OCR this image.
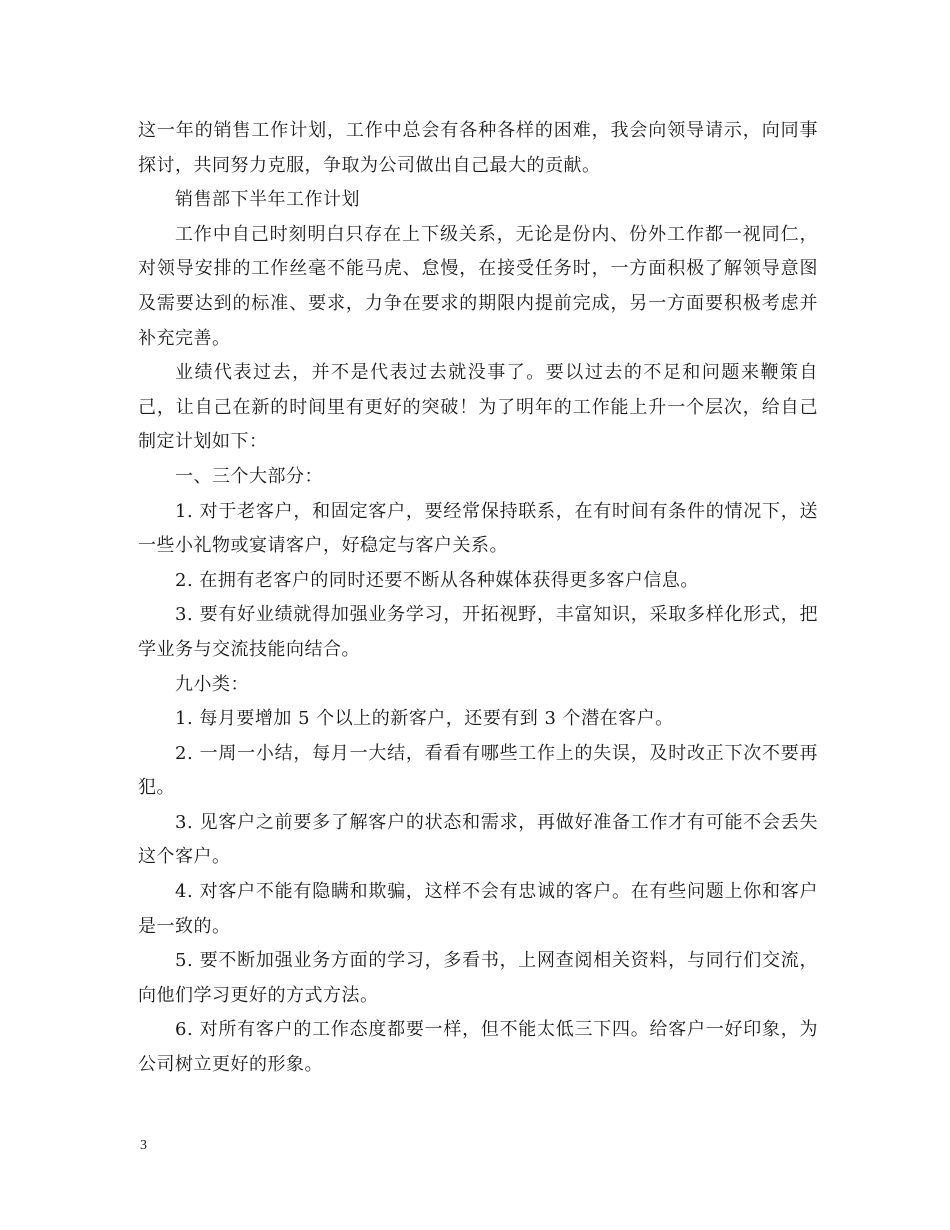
这一年的销售工作计划，工作中总会有各种各样的困难，我会向领导请示，向同事探讨，共同努力克服，争取为公司做出自己最大的贡献。

销售部下半年工作计划

工作中自己时刻明白只存在上下级关系，无论是份内、份外工作都一视同仁，对领导安排的工作丝毫不能马虎、怠慢，在接受任务时，一方面积极了解领导意图及需要达到的标准、要求，力争在要求的期限内提前完成，另一方面要积极考虑并补充完善。

业绩代表过去，并不是代表过去就没事了。要以过去的不足和问题来鞭策自己，让自己在新的时间里有更好的突破！为了明年的工作能上升一个层次，给自己制定计划如下：

一、三个大部分：

1. 对于老客户，和固定客户，要经常保持联系，在有时间有条件的情况下，送一些小礼物或宴请客户，好稳定与客户关系。

2. 在拥有老客户的同时还要不断从各种媒体获得更多客户信息。

3. 要有好业绩就得加强业务学习，开拓视野，丰富知识，采取多样化形式，把学业务与交流技能向结合。

九小类：

1. 每月要增加 5 个以上的新客户，还要有到 3 个潜在客户。

2. 一周一小结，每月一大结，看看有哪些工作上的失误，及时改正下次不要再犯。

3. 见客户之前要多了解客户的状态和需求，再做好准备工作才有可能不会丢失这个客户。

4. 对客户不能有隐瞒和欺骗，这样不会有忠诚的客户。在有些问题上你和客户是一致的。

5. 要不断加强业务方面的学习，多看书，上网查阅相关资料，与同行们交流，向他们学习更好的方式方法。

6. 对所有客户的工作态度都要一样，但不能太低三下四。给客户一好印象，为公司树立更好的形象。

3
